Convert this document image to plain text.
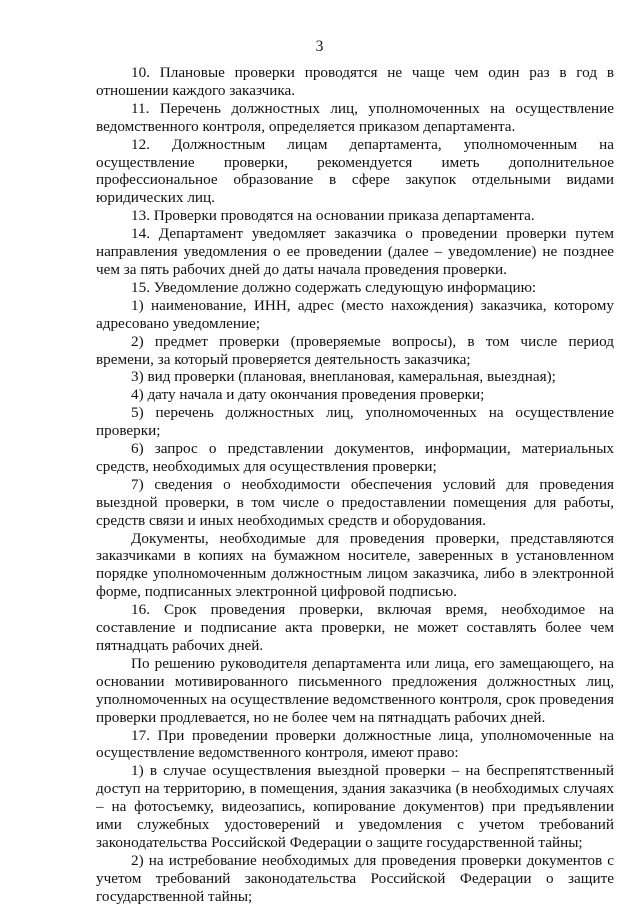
3

10. Плановые проверки проводятся не чаще чем один раз в год в отношении каждого заказчика.

11. Перечень должностных лиц, уполномоченных на осуществление ведомственного контроля, определяется приказом департамента.

12. Должностным лицам департамента, уполномоченным на осуществление проверки, рекомендуется иметь дополнительное профессиональное образование в сфере закупок отдельными видами юридических лиц.

13. Проверки проводятся на основании приказа департамента.

14. Департамент уведомляет заказчика о проведении проверки путем направления уведомления о ее проведении (далее – уведомление) не позднее чем за пять рабочих дней до даты начала проведения проверки.

15. Уведомление должно содержать следующую информацию:

1) наименование, ИНН, адрес (место нахождения) заказчика, которому адресовано уведомление;

2) предмет проверки (проверяемые вопросы), в том числе период времени, за который проверяется деятельность заказчика;

3) вид проверки (плановая, внеплановая, камеральная, выездная);

4) дату начала и дату окончания проведения проверки;

5) перечень должностных лиц, уполномоченных на осуществление проверки;

6) запрос о представлении документов, информации, материальных средств, необходимых для осуществления проверки;

7) сведения о необходимости обеспечения условий для проведения выездной проверки, в том числе о предоставлении помещения для работы, средств связи и иных необходимых средств и оборудования.

Документы, необходимые для проведения проверки, представляются заказчиками в копиях на бумажном носителе, заверенных в установленном порядке уполномоченным должностным лицом заказчика, либо в электронной форме, подписанных электронной цифровой подписью.

16. Срок проведения проверки, включая время, необходимое на составление и подписание акта проверки, не может составлять более чем пятнадцать рабочих дней.

По решению руководителя департамента или лица, его замещающего, на основании мотивированного письменного предложения должностных лиц, уполномоченных на осуществление ведомственного контроля, срок проведения проверки продлевается, но не более чем на пятнадцать рабочих дней.

17. При проведении проверки должностные лица, уполномоченные на осуществление ведомственного контроля, имеют право:

1) в случае осуществления выездной проверки – на беспрепятственный доступ на территорию, в помещения, здания заказчика (в необходимых случаях – на фотосъемку, видеозапись, копирование документов) при предъявлении ими служебных удостоверений и уведомления с учетом требований законодательства Российской Федерации о защите государственной тайны;

2) на истребование необходимых для проведения проверки документов с учетом требований законодательства Российской Федерации о защите государственной тайны;
